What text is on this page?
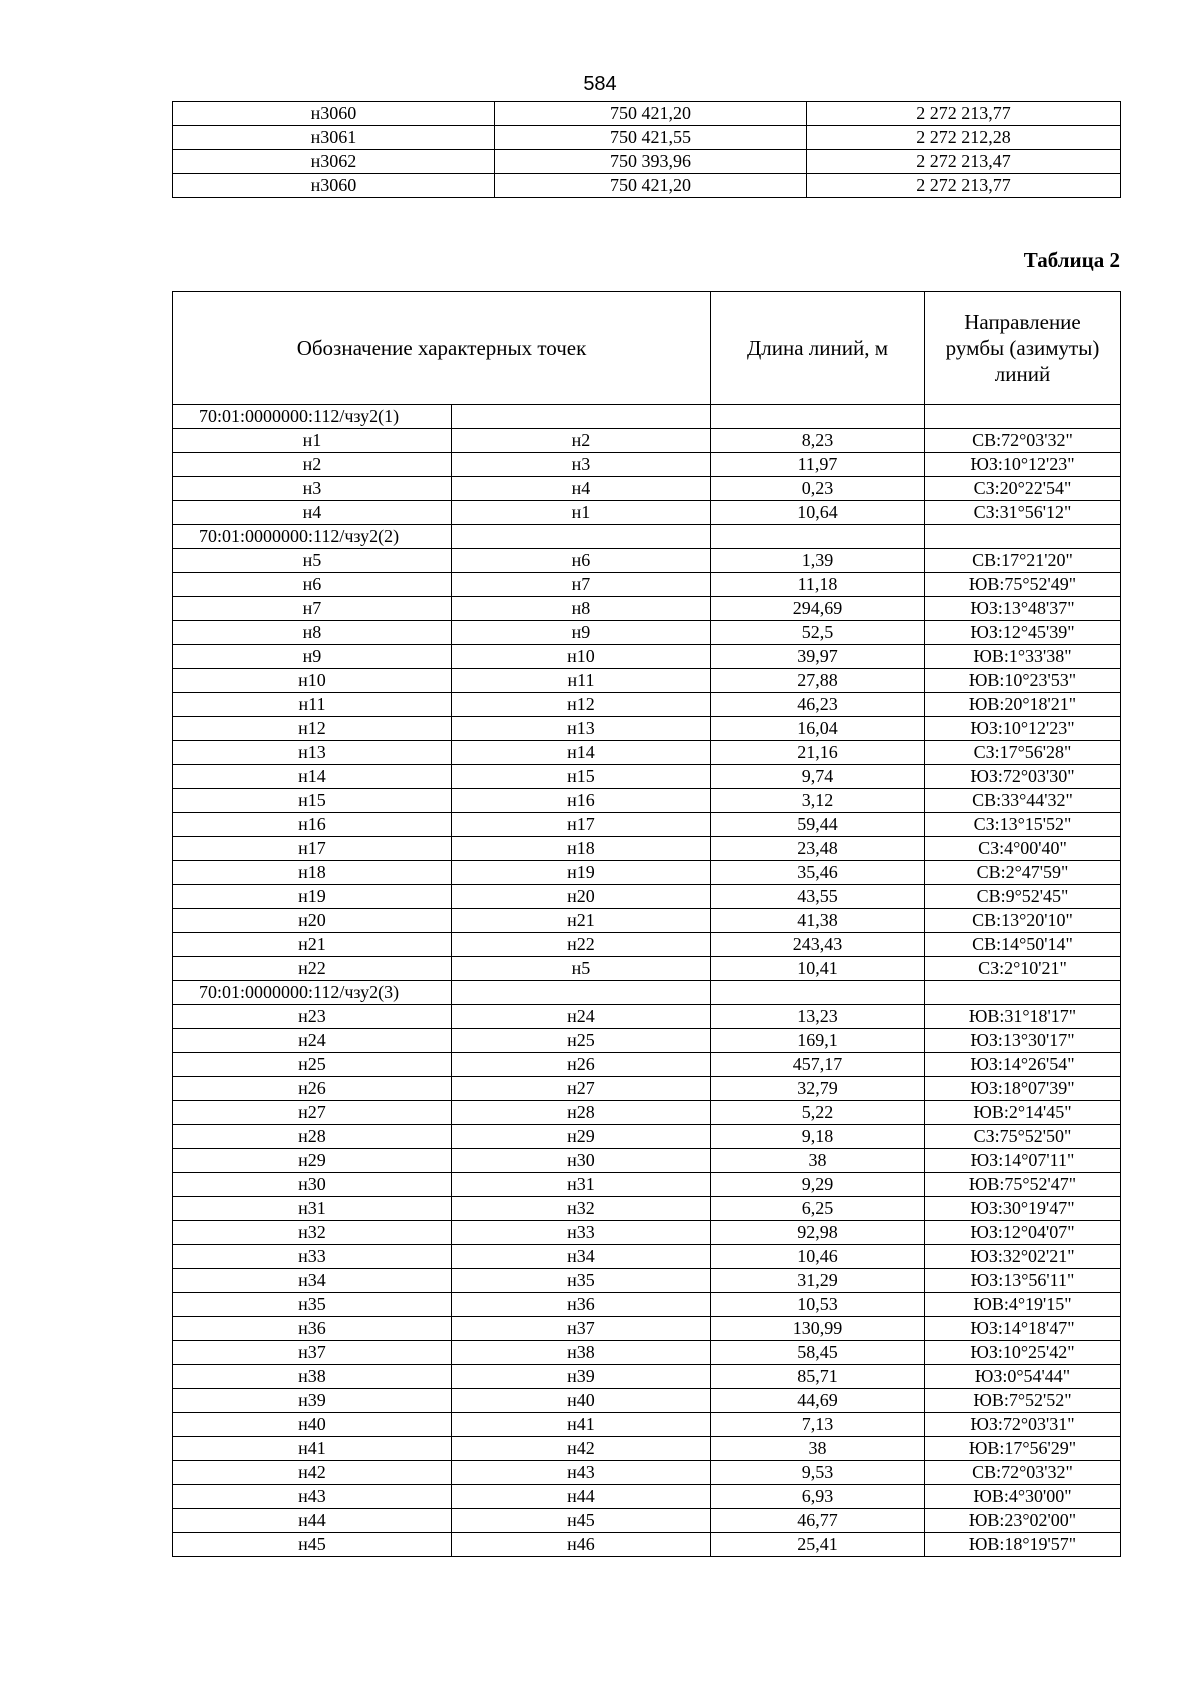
584
н3060	750 421,20	2 272 213,77
н3061	750 421,55	2 272 212,28
н3062	750 393,96	2 272 213,47
н3060	750 421,20	2 272 213,77
Таблица 2
Обозначение характерных точек		Длина линий, м	Направление румбы (азимуты) линий
70:01:0000000:112/чзу2(1)			
н1	н2	8,23	СВ:72°03'32"
н2	н3	11,97	ЮЗ:10°12'23"
н3	н4	0,23	СЗ:20°22'54"
н4	н1	10,64	СЗ:31°56'12"
70:01:0000000:112/чзу2(2)			
н5	н6	1,39	СВ:17°21'20"
н6	н7	11,18	ЮВ:75°52'49"
н7	н8	294,69	ЮЗ:13°48'37"
н8	н9	52,5	ЮЗ:12°45'39"
н9	н10	39,97	ЮВ:1°33'38"
н10	н11	27,88	ЮВ:10°23'53"
н11	н12	46,23	ЮВ:20°18'21"
н12	н13	16,04	ЮЗ:10°12'23"
н13	н14	21,16	СЗ:17°56'28"
н14	н15	9,74	ЮЗ:72°03'30"
н15	н16	3,12	СВ:33°44'32"
н16	н17	59,44	СЗ:13°15'52"
н17	н18	23,48	СЗ:4°00'40"
н18	н19	35,46	СВ:2°47'59"
н19	н20	43,55	СВ:9°52'45"
н20	н21	41,38	СВ:13°20'10"
н21	н22	243,43	СВ:14°50'14"
н22	н5	10,41	СЗ:2°10'21"
70:01:0000000:112/чзу2(3)			
н23	н24	13,23	ЮВ:31°18'17"
н24	н25	169,1	ЮЗ:13°30'17"
н25	н26	457,17	ЮЗ:14°26'54"
н26	н27	32,79	ЮЗ:18°07'39"
н27	н28	5,22	ЮВ:2°14'45"
н28	н29	9,18	СЗ:75°52'50"
н29	н30	38	ЮЗ:14°07'11"
н30	н31	9,29	ЮВ:75°52'47"
н31	н32	6,25	ЮЗ:30°19'47"
н32	н33	92,98	ЮЗ:12°04'07"
н33	н34	10,46	ЮЗ:32°02'21"
н34	н35	31,29	ЮЗ:13°56'11"
н35	н36	10,53	ЮВ:4°19'15"
н36	н37	130,99	ЮЗ:14°18'47"
н37	н38	58,45	ЮЗ:10°25'42"
н38	н39	85,71	ЮЗ:0°54'44"
н39	н40	44,69	ЮВ:7°52'52"
н40	н41	7,13	ЮЗ:72°03'31"
н41	н42	38	ЮВ:17°56'29"
н42	н43	9,53	СВ:72°03'32"
н43	н44	6,93	ЮВ:4°30'00"
н44	н45	46,77	ЮВ:23°02'00"
н45	н46	25,41	ЮВ:18°19'57"
